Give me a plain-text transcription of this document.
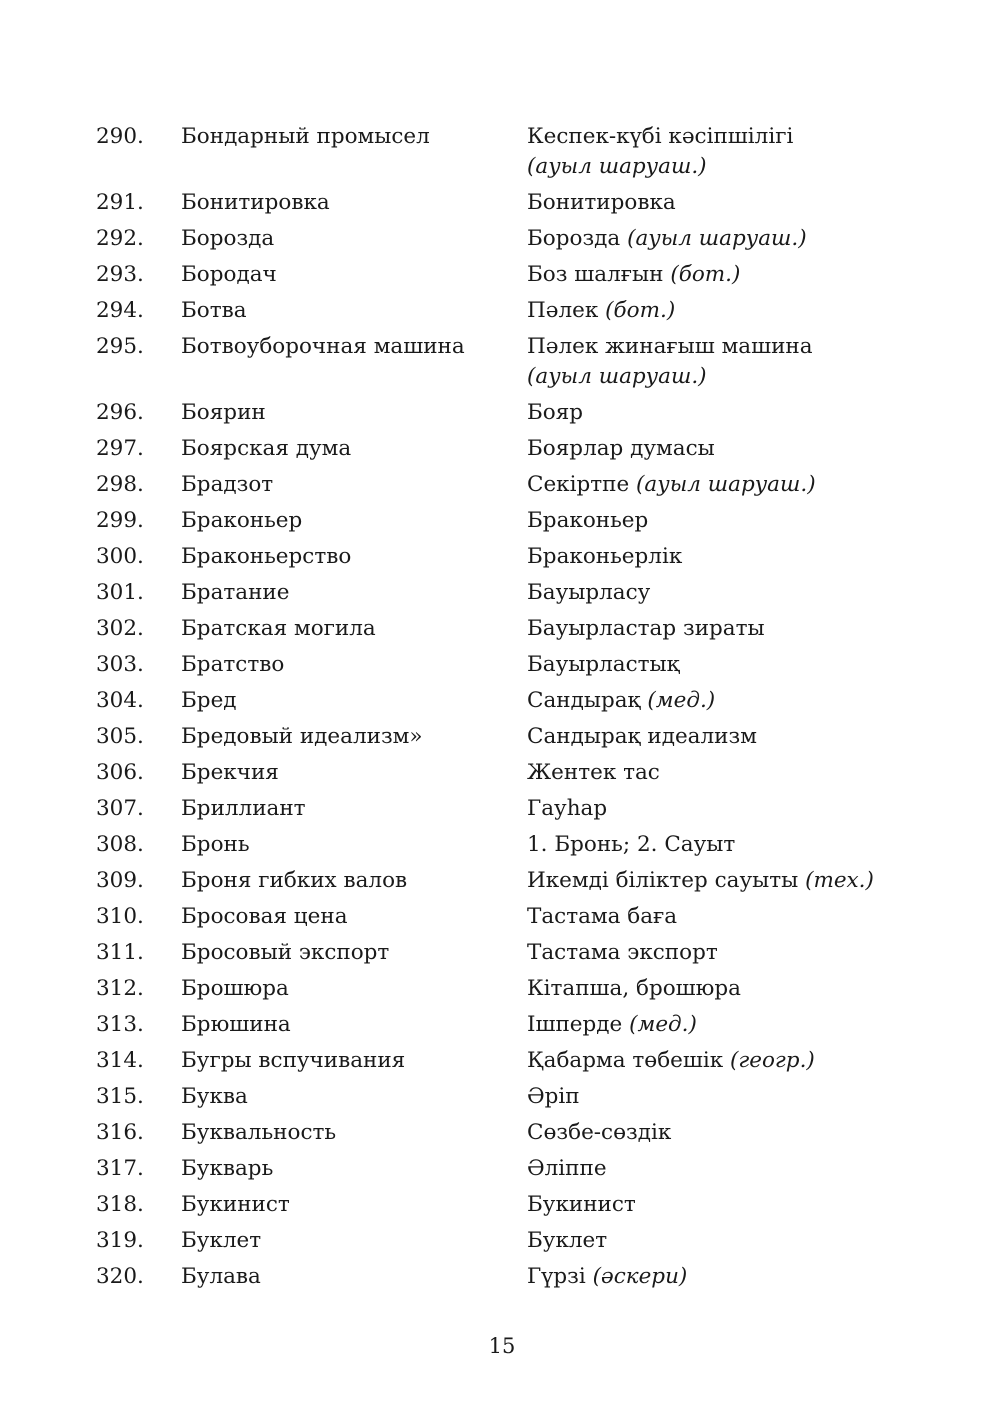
290.	Бондарный промысел	Кеспек-күбі кәсіпшілігі
(ауыл шаруаш.)
291.	Бонитировка	Бонитировка
292.	Борозда	Борозда (ауыл шаруаш.)
293.	Бородач	Боз шалғын (бот.)
294.	Ботва	Пәлек (бот.)
295.	Ботвоуборочная машина	Пәлек жинағыш машина
(ауыл шаруаш.)
296.	Боярин	Бояр
297.	Боярская дума	Боярлар думасы
298.	Брадзот	Секіртпе (ауыл шаруаш.)
299.	Браконьер	Браконьер
300.	Браконьерство	Браконьерлік
301.	Братание	Бауырласу
302.	Братская могила	Бауырластар зираты
303.	Братство	Бауырластық
304.	Бред	Сандырақ (мед.)
305.	Бредовый идеализм»	Сандырақ идеализм
306.	Брекчия	Жентек тас
307.	Бриллиант	Гауһар
308.	Бронь	1. Бронь; 2. Сауыт
309.	Броня гибких валов	Икемді біліктер сауыты (тех.)
310.	Бросовая цена	Тастама баға
311.	Бросовый экспорт	Тастама экспорт
312.	Брошюра	Кітапша, брошюра
313.	Брюшина	Ішперде (мед.)
314.	Бугры вспучивания	Қабарма төбешік (геогр.)
315.	Буква	Әріп
316.	Буквальность	Сөзбе-сөздік
317.	Букварь	Әліппе
318.	Букинист	Букинист
319.	Буклет	Буклет
320.	Булава	Гүрзі (әскери)
15
